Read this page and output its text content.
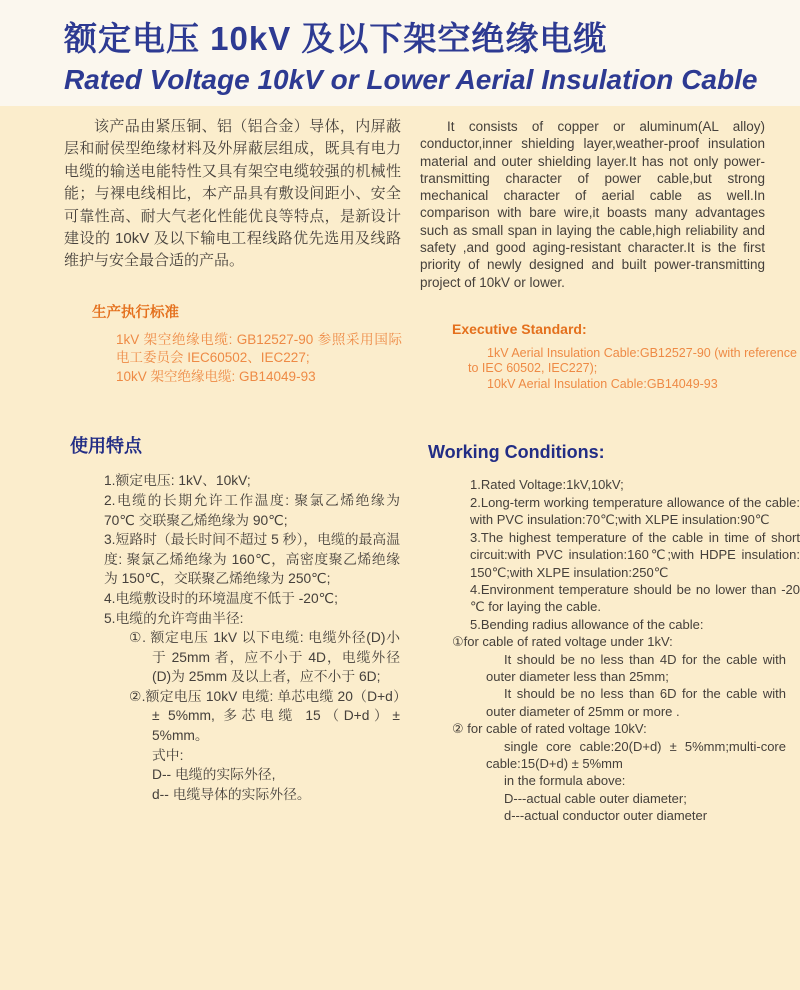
额定电压 10kV 及以下架空绝缘电缆
Rated Voltage 10kV or Lower Aerial Insulation Cable

该产品由紧压铜、铝（铝合金）导体，内屏蔽层和耐侯型绝缘材料及外屏蔽层组成，既具有电力电缆的输送电能特性又具有架空电缆较强的机械性能；与裸电线相比，本产品具有敷设间距小、安全可靠性高、耐大气老化性能优良等特点，是新设计建设的 10kV 及以下输电工程线路优先选用及线路维护与安全最合适的产品。

生产执行标准
1kV 架空绝缘电缆: GB12527-90 参照采用国际电工委员会 IEC60502、IEC227;
10kV 架空绝缘电缆: GB14049-93
使用特点
1.额定电压: 1kV、10kV;
2.电缆的长期允许工作温度: 聚氯乙烯绝缘为 70℃ 交联聚乙烯绝缘为 90℃;
3.短路时（最长时间不超过 5 秒），电缆的最高温度: 聚氯乙烯绝缘为 160℃，高密度聚乙烯绝缘为 150℃，交联聚乙烯绝缘为 250℃;
4.电缆敷设时的环境温度不低于 -20℃;
5.电缆的允许弯曲半径:
①. 额定电压 1kV 以下电缆: 电缆外径(D)小于 25mm 者，应不小于 4D，电缆外径(D)为 25mm 及以上者，应不小于 6D;
②.额定电压 10kV 电缆: 单芯电缆 20（D+d）± 5%mm, 多芯电缆 15（D+d）± 5%mm。
式中:
D-- 电缆的实际外径,
d-- 电缆导体的实际外径。

It consists of copper or aluminum(AL alloy) conductor,inner shielding layer,weather-proof insulation material and outer shielding layer.It has not only power-transmitting character of power cable,but strong mechanical character of aerial cable as well.In comparison with bare wire,it boasts many advantages such as small span in laying the cable,high reliability and safety ,and good aging-resistant character.It is the first priority of newly designed and built power-transmitting project of 10kV or lower.

Executive Standard:
1kV Aerial Insulation Cable:GB12527-90 (with reference to IEC 60502, IEC227);
10kV Aerial Insulation Cable:GB14049-93
Working Conditions:
1.Rated Voltage:1kV,10kV;
2.Long-term working temperature allowance of the cable: with PVC insulation:70℃;with XLPE insulation:90℃
3.The highest temperature of the cable in time of short circuit:with PVC insulation:160℃;with HDPE insulation: 150℃;with XLPE insulation:250℃
4.Environment temperature should be no lower than -20 ℃ for laying the cable.
5.Bending radius allowance of the cable:
①for cable of rated voltage under 1kV:
It should be no less than 4D for the cable with outer diameter less than 25mm;
It should be no less than 6D for the cable with outer diameter of 25mm or more .
② for cable of rated voltage 10kV:
single core cable:20(D+d) ± 5%mm;multi-core cable:15(D+d) ± 5%mm
in the formula above:
D---actual cable outer diameter;
d---actual conductor outer diameter
